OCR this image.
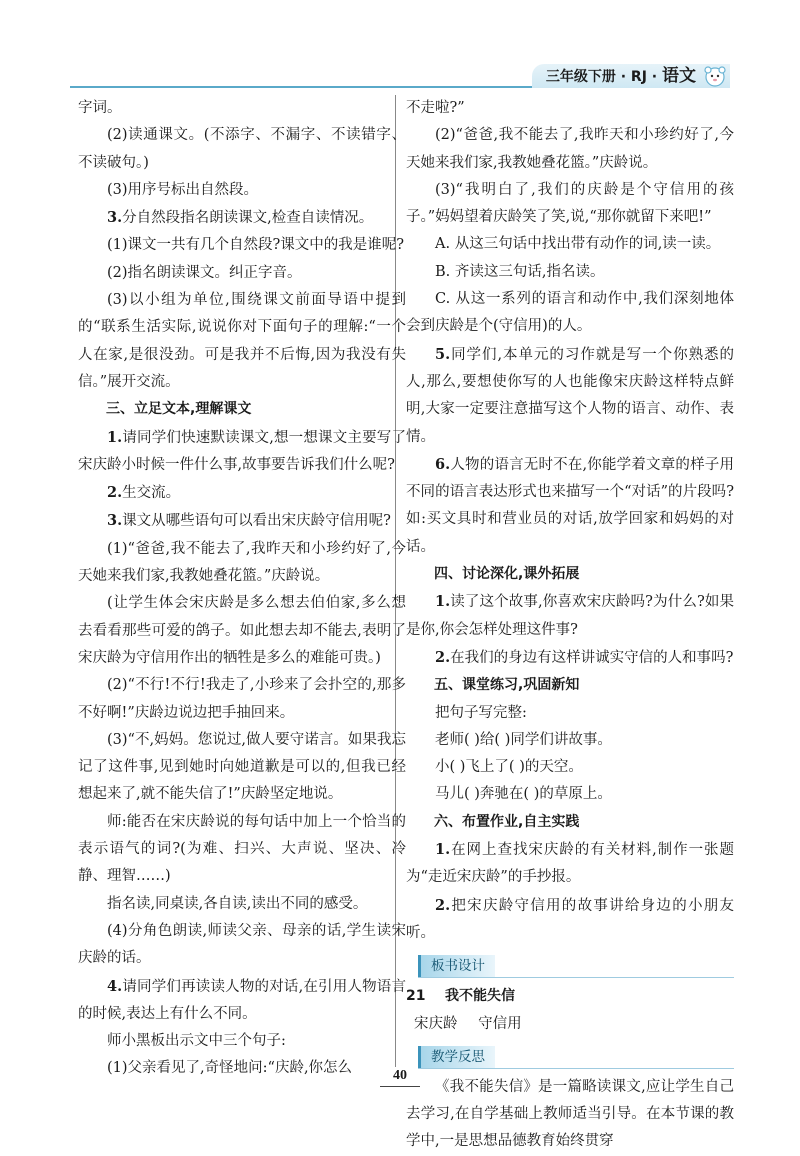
三年级下册 · RJ · 语文

字词。

(2)读通课文。(不添字、不漏字、不读错字、不读破句。)

(3)用序号标出自然段。

3.分自然段指名朗读课文,检查自读情况。

(1)课文一共有几个自然段?课文中的我是谁呢?

(2)指名朗读课文。纠正字音。

(3)以小组为单位,围绕课文前面导语中提到的“联系生活实际,说说你对下面句子的理解:“一个人在家,是很没劲。可是我并不后悔,因为我没有失信。”展开交流。

三、立足文本,理解课文

1.请同学们快速默读课文,想一想课文主要写了宋庆龄小时候一件什么事,故事要告诉我们什么呢?

2.生交流。

3.课文从哪些语句可以看出宋庆龄守信用呢?

(1)“爸爸,我不能去了,我昨天和小珍约好了,今天她来我们家,我教她叠花篮。”庆龄说。

(让学生体会宋庆龄是多么想去伯伯家,多么想去看看那些可爱的鸽子。如此想去却不能去,表明了宋庆龄为守信用作出的牺牲是多么的难能可贵。)

(2)“不行!不行!我走了,小珍来了会扑空的,那多不好啊!”庆龄边说边把手抽回来。

(3)“不,妈妈。您说过,做人要守诺言。如果我忘记了这件事,见到她时向她道歉是可以的,但我已经想起来了,就不能失信了!”庆龄坚定地说。

师:能否在宋庆龄说的每句话中加上一个恰当的表示语气的词?(为难、扫兴、大声说、坚决、冷静、理智……)

指名读,同桌读,各自读,读出不同的感受。

(4)分角色朗读,师读父亲、母亲的话,学生读宋庆龄的话。

4.请同学们再读读人物的对话,在引用人物语言的时候,表达上有什么不同。

师小黑板出示文中三个句子:

(1)父亲看见了,奇怪地问:“庆龄,你怎么

不走啦?”

(2)“爸爸,我不能去了,我昨天和小珍约好了,今天她来我们家,我教她叠花篮。”庆龄说。

(3)“我明白了,我们的庆龄是个守信用的孩子。”妈妈望着庆龄笑了笑,说,“那你就留下来吧!”

A. 从这三句话中找出带有动作的词,读一读。

B. 齐读这三句话,指名读。

C. 从这一系列的语言和动作中,我们深刻地体会到庆龄是个(守信用)的人。

5.同学们,本单元的习作就是写一个你熟悉的人,那么,要想使你写的人也能像宋庆龄这样特点鲜明,大家一定要注意描写这个人物的语言、动作、表情。

6.人物的语言无时不在,你能学着文章的样子用不同的语言表达形式也来描写一个“对话”的片段吗?如:买文具时和营业员的对话,放学回家和妈妈的对话。

四、讨论深化,课外拓展

1.读了这个故事,你喜欢宋庆龄吗?为什么?如果是你,你会怎样处理这件事?

2.在我们的身边有这样讲诚实守信的人和事吗?

五、课堂练习,巩固新知

把句子写完整:

老师( )给( )同学们讲故事。

小( )飞上了( )的天空。

马儿( )奔驰在( )的草原上。

六、布置作业,自主实践

1.在网上查找宋庆龄的有关材料,制作一张题为“走近宋庆龄”的手抄报。

2.把宋庆龄守信用的故事讲给身边的小朋友听。

板书设计

21 我不能失信

宋庆龄 守信用

教学反思

《我不能失信》是一篇略读课文,应让学生自己去学习,在自学基础上教师适当引导。在本节课的教学中,一是思想品德教育始终贯穿

40
